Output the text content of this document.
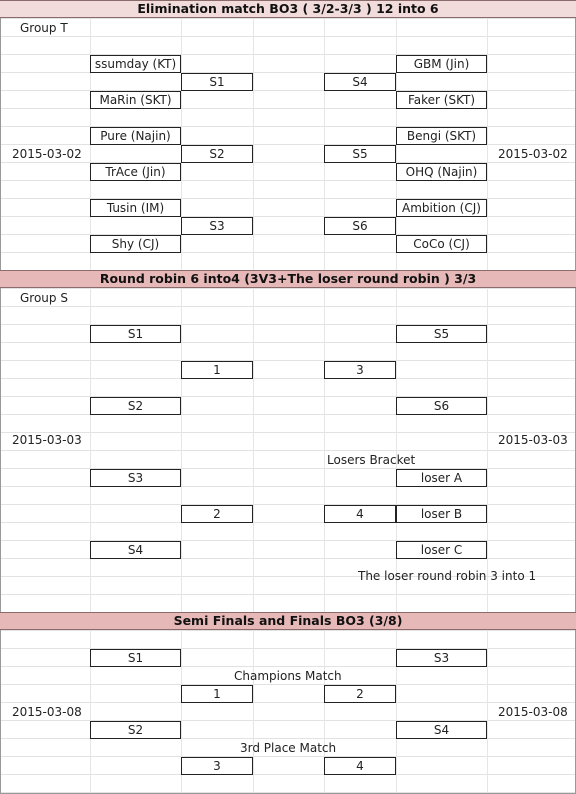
Elimination match BO3 ( 3/2-3/3 ) 12 into 6
Group T
2015-03-02	2015-03-02
ssumday (KT)
MaRin (SKT)
Pure (Najin)
TrAce (Jin)
Tusin (IM)
Shy (CJ)
GBM (Jin)
Faker (SKT)
Bengi (SKT)
OHQ (Najin)
Ambition (CJ)
CoCo (CJ)
S1
S2
S3
S4
S5
S6
Round robin 6 into4 (3V3+The loser round robin ) 3/3
Group S
2015-03-03	2015-03-03
S1
S2
S3
S4
S5
S6
1
2
3
4
Losers Bracket
loser A
loser B
loser C
The loser round robin 3 into 1
Semi Finals and Finals BO3 (3/8)
2015-03-08	2015-03-08
S1
S2
S3
S4
Champions Match
1	2
3rd Place Match
3	4
